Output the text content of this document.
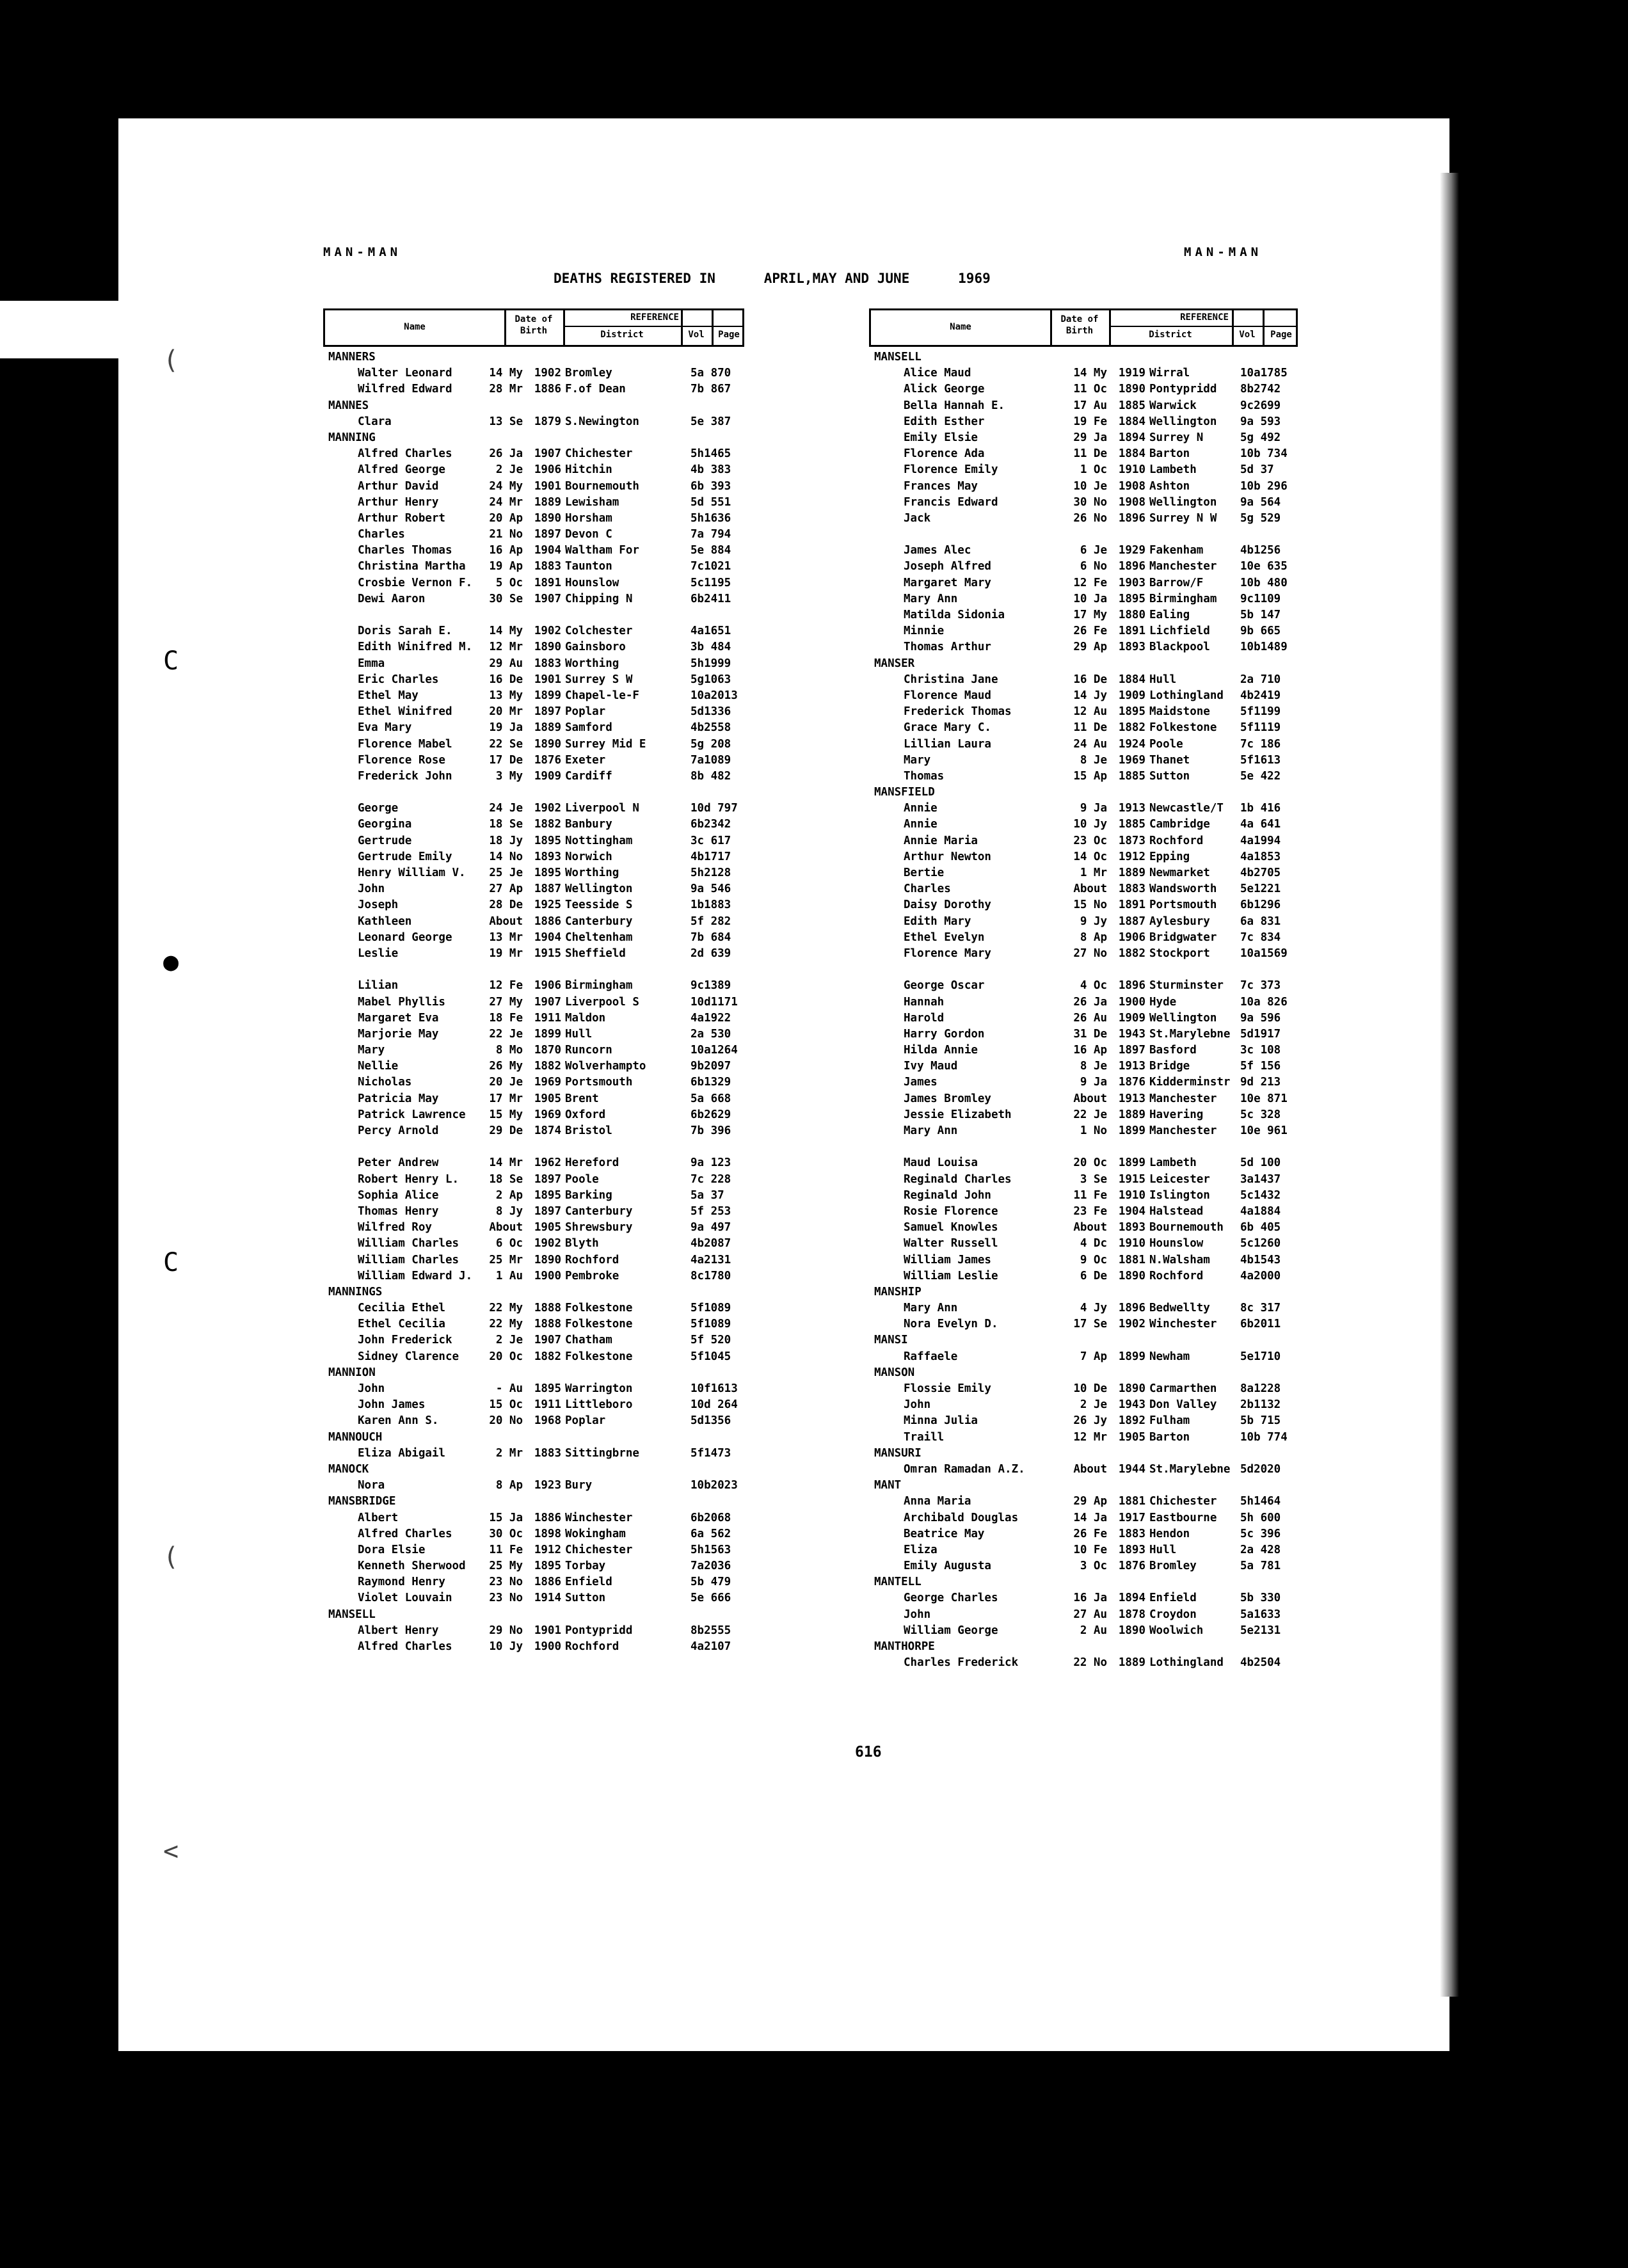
MAN-MAN	MAN-MAN
DEATHS REGISTERED IN      APRIL,MAY AND JUNE      1969
Name
Date of
Birth
REFERENCE
District	Vol	Page
MANNERS
Walter Leonard	14 My	1902 Bromley	5a 870
Wilfred Edward	28 Mr	1886 F.of Dean	7b 867
MANNES
Clara	13 Se	1879 S.Newington	5e 387
MANNING
Alfred Charles	26 Ja	1907 Chichester	5h1465
Alfred George	2 Je	1906 Hitchin	4b 383
Arthur David	24 My	1901 Bournemouth	6b 393
Arthur Henry	24 Mr	1889 Lewisham	5d 551
Arthur Robert	20 Ap	1890 Horsham	5h1636
Charles	21 No	1897 Devon C	7a 794
Charles Thomas	16 Ap	1904 Waltham For	5e 884
Christina Martha	19 Ap	1883 Taunton	7c1021
Crosbie Vernon F.	5 Oc	1891 Hounslow	5c1195
Dewi Aaron	30 Se	1907 Chipping N	6b2411
Doris Sarah E.	14 My	1902 Colchester	4a1651
Edith Winifred M.	12 Mr	1890 Gainsboro	3b 484
Emma	29 Au	1883 Worthing	5h1999
Eric Charles	16 De	1901 Surrey S W	5g1063
Ethel May	13 My	1899 Chapel-le-F	10a2013
Ethel Winifred	20 Mr	1897 Poplar	5d1336
Eva Mary	19 Ja	1889 Samford	4b2558
Florence Mabel	22 Se	1890 Surrey Mid E	5g 208
Florence Rose	17 De	1876 Exeter	7a1089
Frederick John	3 My	1909 Cardiff	8b 482
George	24 Je	1902 Liverpool N	10d 797
Georgina	18 Se	1882 Banbury	6b2342
Gertrude	18 Jy	1895 Nottingham	3c 617
Gertrude Emily	14 No	1893 Norwich	4b1717
Henry William V.	25 Je	1895 Worthing	5h2128
John	27 Ap	1887 Wellington	9a 546
Joseph	28 De	1925 Teesside S	1b1883
Kathleen	About	1886 Canterbury	5f 282
Leonard George	13 Mr	1904 Cheltenham	7b 684
Leslie	19 Mr	1915 Sheffield	2d 639
Lilian	12 Fe	1906 Birmingham	9c1389
Mabel Phyllis	27 My	1907 Liverpool S	10d1171
Margaret Eva	18 Fe	1911 Maldon	4a1922
Marjorie May	22 Je	1899 Hull	2a 530
Mary	8 Mo	1870 Runcorn	10a1264
Nellie	26 My	1882 Wolverhampto	9b2097
Nicholas	20 Je	1969 Portsmouth	6b1329
Patricia May	17 Mr	1905 Brent	5a 668
Patrick Lawrence	15 My	1969 Oxford	6b2629
Percy Arnold	29 De	1874 Bristol	7b 396
Peter Andrew	14 Mr	1962 Hereford	9a 123
Robert Henry L.	18 Se	1897 Poole	7c 228
Sophia Alice	2 Ap	1895 Barking	5a 37
Thomas Henry	8 Jy	1897 Canterbury	5f 253
Wilfred Roy	About	1905 Shrewsbury	9a 497
William Charles	6 Oc	1902 Blyth	4b2087
William Charles	25 Mr	1890 Rochford	4a2131
William Edward J.	1 Au	1900 Pembroke	8c1780
MANNINGS
Cecilia Ethel	22 My	1888 Folkestone	5f1089
Ethel Cecilia	22 My	1888 Folkestone	5f1089
John Frederick	2 Je	1907 Chatham	5f 520
Sidney Clarence	20 Oc	1882 Folkestone	5f1045
MANNION
John	- Au	1895 Warrington	10f1613
John James	15 Oc	1911 Littleboro	10d 264
Karen Ann S.	20 No	1968 Poplar	5d1356
MANNOUCH
Eliza Abigail	2 Mr	1883 Sittingbrne	5f1473
MANOCK
Nora	8 Ap	1923 Bury	10b2023
MANSBRIDGE
Albert	15 Ja	1886 Winchester	6b2068
Alfred Charles	30 Oc	1898 Wokingham	6a 562
Dora Elsie	11 Fe	1912 Chichester	5h1563
Kenneth Sherwood	25 My	1895 Torbay	7a2036
Raymond Henry	23 No	1886 Enfield	5b 479
Violet Louvain	23 No	1914 Sutton	5e 666
MANSELL
Albert Henry	29 No	1901 Pontypridd	8b2555
Alfred Charles	10 Jy	1900 Rochford	4a2107
Name
Date of
Birth
REFERENCE
District	Vol	Page
MANSELL
Alice Maud	14 My	1919 Wirral	10a1785
Alick George	11 Oc	1890 Pontypridd 8b2742
Bella Hannah E.	17 Au	1885 Warwick	9c2699
Edith Esther	19 Fe	1884 Wellington 9a 593
Emily Elsie	29 Ja	1894 Surrey N	5g 492
Florence Ada	11 De	1884 Barton	10b 734
Florence Emily	1 Oc	1910 Lambeth	5d 37
Frances May	10 Je	1908 Ashton	10b 296
Francis Edward	30 No	1908 Wellington 9a 564
Jack	26 No	1896 Surrey N W 5g 529
James Alec	6 Je	1929 Fakenham	4b1256
Joseph Alfred	6 No	1896 Manchester 10e 635
Margaret Mary	12 Fe	1903 Barrow/F	10b 480
Mary Ann	10 Ja	1895 Birmingham 9c1109
Matilda Sidonia	17 My	1880 Ealing	5b 147
Minnie	26 Fe	1891 Lichfield	9b 665
Thomas Arthur	29 Ap	1893 Blackpool	10b1489
MANSER
Christina Jane	16 De	1884 Hull	2a 710
Florence Maud	14 Jy	1909 Lothingland 4b2419
Frederick Thomas	12 Au	1895 Maidstone	5f1199
Grace Mary C.	11 De	1882 Folkestone 5f1119
Lillian Laura	24 Au	1924 Poole	7c 186
Mary	8 Je	1969 Thanet	5f1613
Thomas	15 Ap	1885 Sutton	5e 422
MANSFIELD
Annie	9 Ja	1913 Newcastle/T 1b 416
Annie	10 Jy	1885 Cambridge	4a 641
Annie Maria	23 Oc	1873 Rochford	4a1994
Arthur Newton	14 Oc	1912 Epping	4a1853
Bertie	1 Mr	1889 Newmarket	4b2705
Charles	About	1883 Wandsworth 5e1221
Daisy Dorothy	15 No	1891 Portsmouth 6b1296
Edith Mary	9 Jy	1887 Aylesbury	6a 831
Ethel Evelyn	8 Ap	1906 Bridgwater 7c 834
Florence Mary	27 No	1882 Stockport	10a1569
George Oscar	4 Oc	1896 Sturminster 7c 373
Hannah	26 Ja	1900 Hyde	10a 826
Harold	26 Au	1909 Wellington 9a 596
Harry Gordon	31 De	1943 St.Marylebne 5d1917
Hilda Annie	16 Ap	1897 Basford	3c 108
Ivy Maud	8 Je	1913 Bridge	5f 156
James	9 Ja	1876 Kidderminstr 9d 213
James Bromley	About	1913 Manchester 10e 871
Jessie Elizabeth	22 Je	1889 Havering	5c 328
Mary Ann	1 No	1899 Manchester 10e 961
Maud Louisa	20 Oc	1899 Lambeth	5d 100
Reginald Charles	3 Se	1915 Leicester	3a1437
Reginald John	11 Fe	1910 Islington	5c1432
Rosie Florence	23 Fe	1904 Halstead	4a1884
Samuel Knowles	About	1893 Bournemouth 6b 405
Walter Russell	4 Dc	1910 Hounslow	5c1260
William James	9 Oc	1881 N.Walsham	4b1543
William Leslie	6 De	1890 Rochford	4a2000
MANSHIP
Mary Ann	4 Jy	1896 Bedwellty	8c 317
Nora Evelyn D.	17 Se	1902 Winchester 6b2011
MANSI
Raffaele	7 Ap	1899 Newham	5e1710
MANSON
Flossie Emily	10 De	1890 Carmarthen 8a1228
John	2 Je	1943 Don Valley 2b1132
Minna Julia	26 Jy	1892 Fulham	5b 715
Traill	12 Mr	1905 Barton	10b 774
MANSURI
Omran Ramadan A.Z.	About	1944 St.Marylebne 5d2020
MANT
Anna Maria	29 Ap	1881 Chichester 5h1464
Archibald Douglas	14 Ja	1917 Eastbourne 5h 600
Beatrice May	26 Fe	1883 Hendon	5c 396
Eliza	10 Fe	1893 Hull	2a 428
Emily Augusta	3 Oc	1876 Bromley	5a 781
MANTELL
George Charles	16 Ja	1894 Enfield	5b 330
John	27 Au	1878 Croydon	5a1633
William George	2 Au	1890 Woolwich	5e2131
MANTHORPE
Charles Frederick	22 No	1889 Lothingland 4b2504
616
(
C
●
C
(
<
